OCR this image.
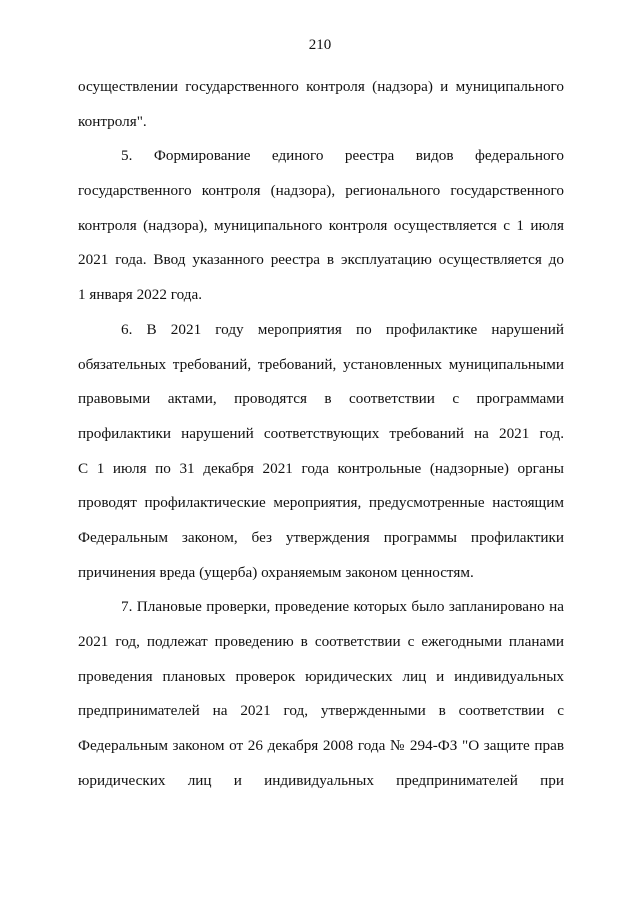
210
осуществлении государственного контроля (надзора) и муниципального
контроля".
5. Формирование единого реестра видов федерального
государственного контроля (надзора), регионального государственного
контроля (надзора), муниципального контроля осуществляется с 1 июля
2021 года. Ввод указанного реестра в эксплуатацию осуществляется до
1 января 2022 года.
6. В 2021 году мероприятия по профилактике нарушений
обязательных требований, требований, установленных муниципальными
правовыми актами, проводятся в соответствии с программами
профилактики нарушений соответствующих требований на 2021 год.
С 1 июля по 31 декабря 2021 года контрольные (надзорные) органы
проводят профилактические мероприятия, предусмотренные настоящим
Федеральным законом, без утверждения программы профилактики
причинения вреда (ущерба) охраняемым законом ценностям.
7. Плановые проверки, проведение которых было запланировано на
2021 год, подлежат проведению в соответствии с ежегодными планами
проведения плановых проверок юридических лиц и индивидуальных
предпринимателей на 2021 год, утвержденными в соответствии с
Федеральным законом от 26 декабря 2008 года № 294-ФЗ "О защите прав
юридических лиц и индивидуальных предпринимателей при
